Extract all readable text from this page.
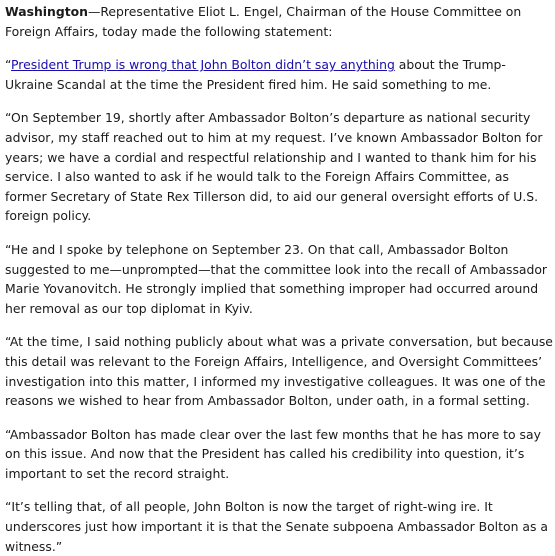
Washington—Representative Eliot L. Engel, Chairman of the House Committee on Foreign Affairs, today made the following statement:

“President Trump is wrong that John Bolton didn’t say anything about the Trump-Ukraine Scandal at the time the President fired him. He said something to me.

“On September 19, shortly after Ambassador Bolton’s departure as national security advisor, my staff reached out to him at my request. I’ve known Ambassador Bolton for years; we have a cordial and respectful relationship and I wanted to thank him for his service. I also wanted to ask if he would talk to the Foreign Affairs Committee, as former Secretary of State Rex Tillerson did, to aid our general oversight efforts of U.S. foreign policy.

“He and I spoke by telephone on September 23. On that call, Ambassador Bolton suggested to me—unprompted—that the committee look into the recall of Ambassador Marie Yovanovitch. He strongly implied that something improper had occurred around her removal as our top diplomat in Kyiv.

“At the time, I said nothing publicly about what was a private conversation, but because this detail was relevant to the Foreign Affairs, Intelligence, and Oversight Committees’ investigation into this matter, I informed my investigative colleagues. It was one of the reasons we wished to hear from Ambassador Bolton, under oath, in a formal setting.

“Ambassador Bolton has made clear over the last few months that he has more to say on this issue. And now that the President has called his credibility into question, it’s important to set the record straight.

“It’s telling that, of all people, John Bolton is now the target of right-wing ire. It underscores just how important it is that the Senate subpoena Ambassador Bolton as a witness.”
